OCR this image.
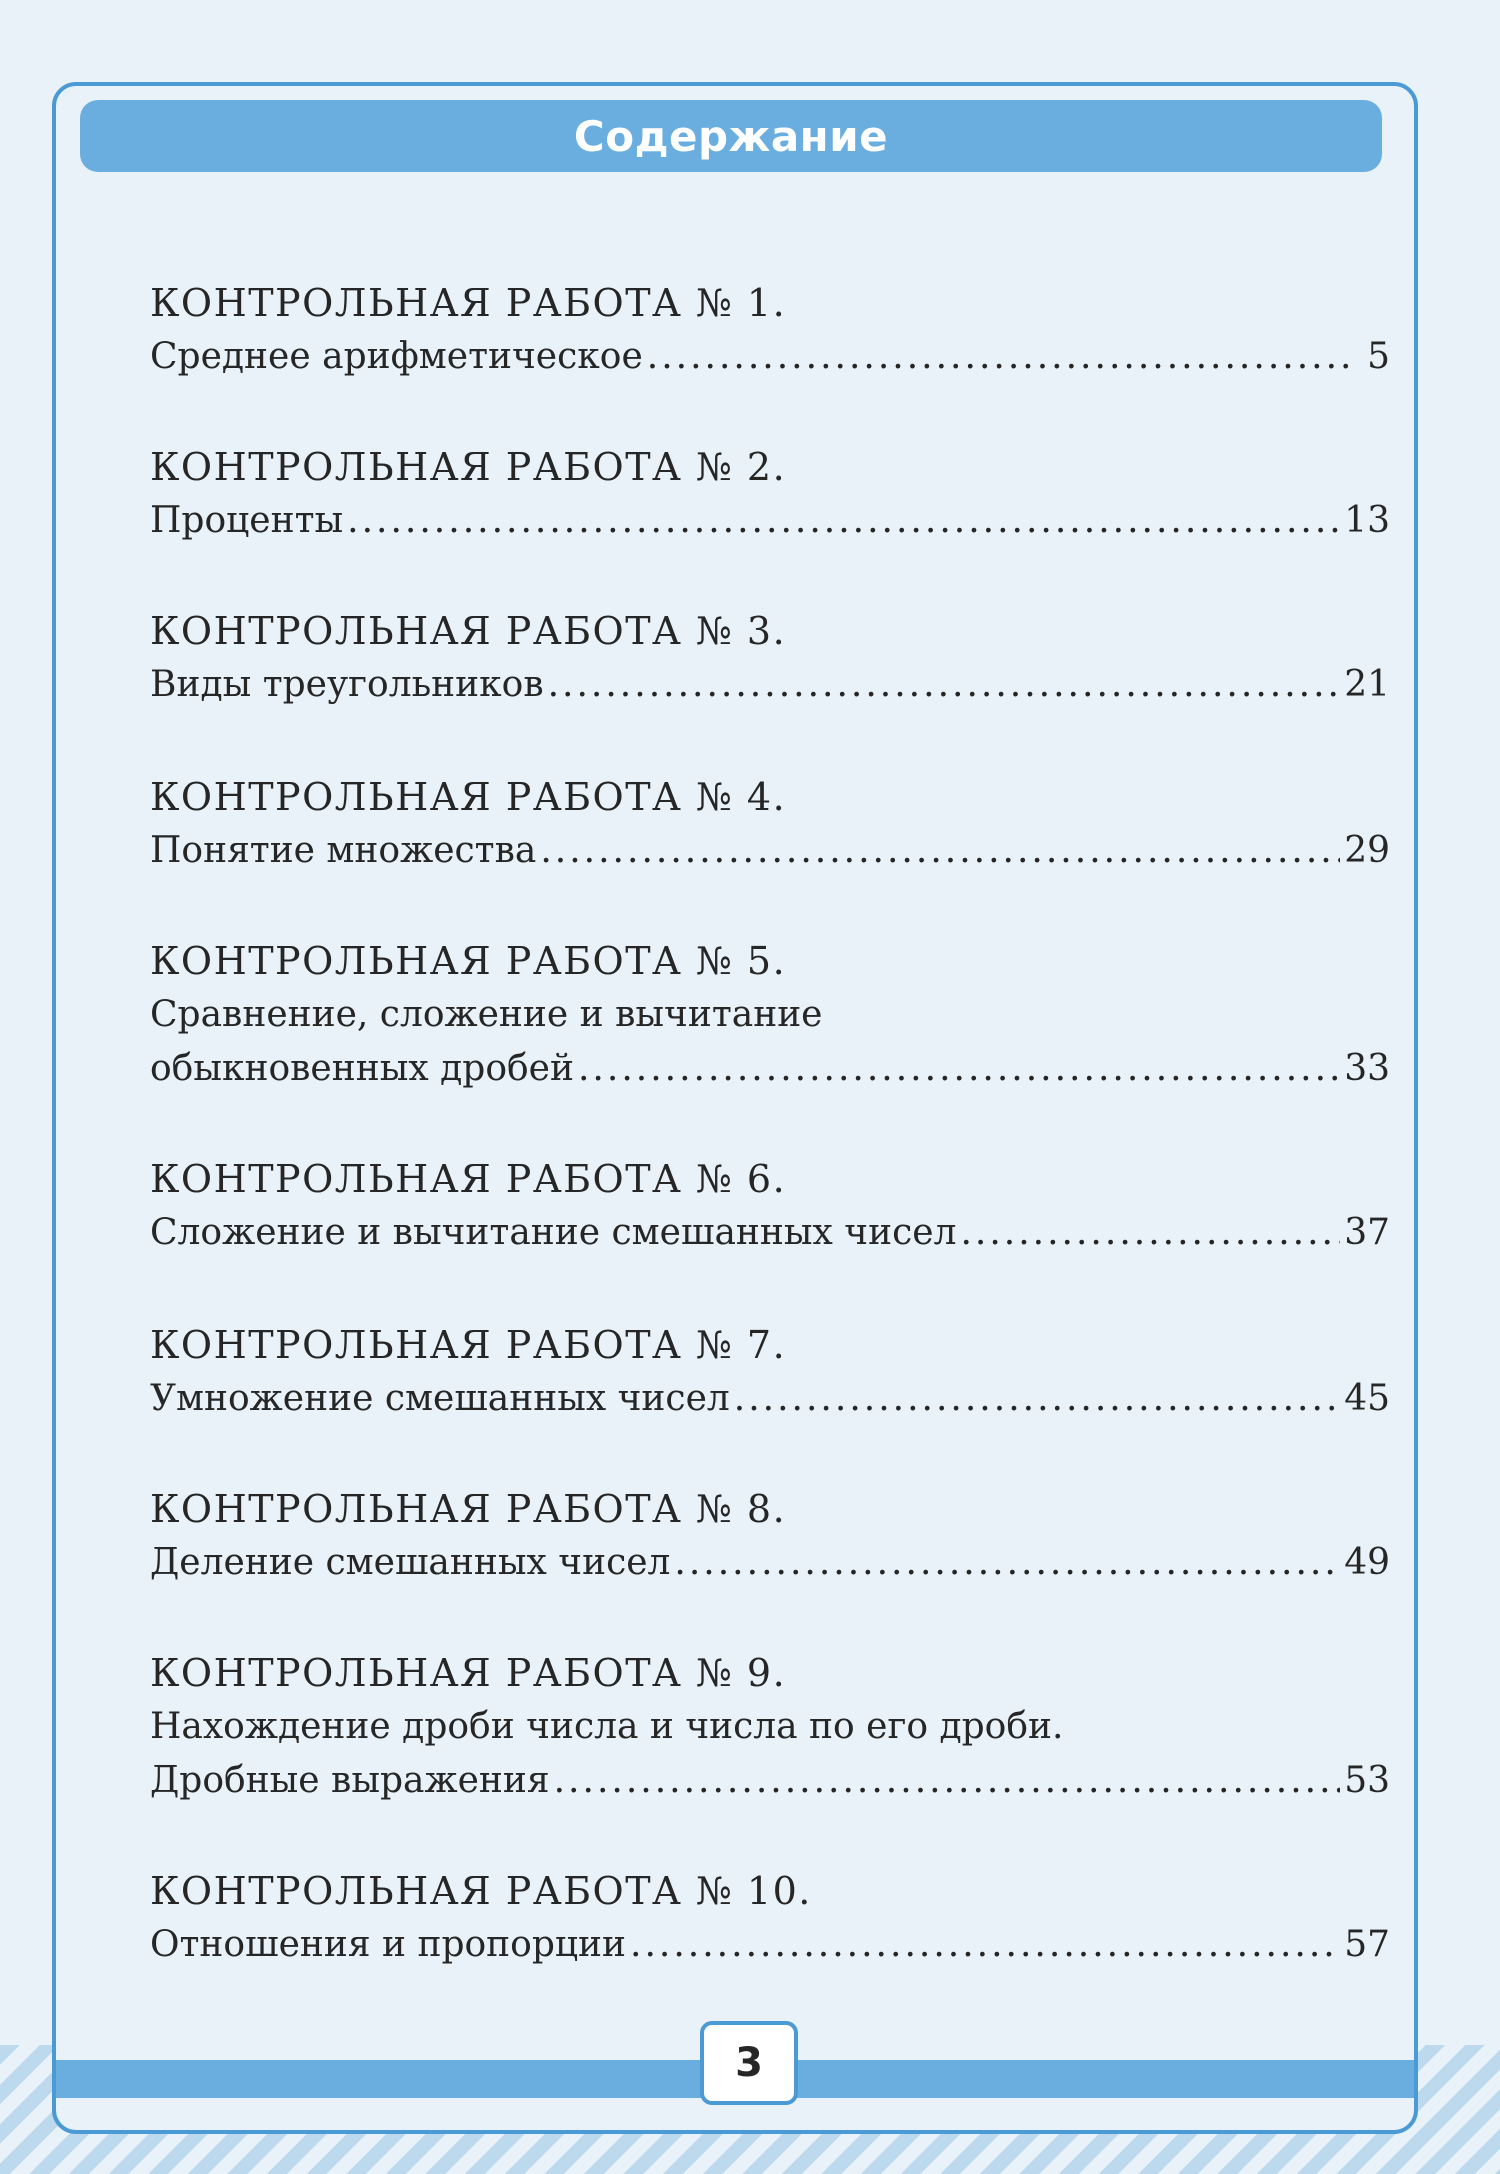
Содержание
КОНТРОЛЬНАЯ РАБОТА № 1.
Среднее арифметическое .....	5
КОНТРОЛЬНАЯ РАБОТА № 2.
Проценты .....	13
КОНТРОЛЬНАЯ РАБОТА № 3.
Виды треугольников .....	21
КОНТРОЛЬНАЯ РАБОТА № 4.
Понятие множества .....	29
КОНТРОЛЬНАЯ РАБОТА № 5.
Сравнение, сложение и вычитание
обыкновенных дробей .....	33
КОНТРОЛЬНАЯ РАБОТА № 6.
Сложение и вычитание смешанных чисел .....	37
КОНТРОЛЬНАЯ РАБОТА № 7.
Умножение смешанных чисел .....	45
КОНТРОЛЬНАЯ РАБОТА № 8.
Деление смешанных чисел .....	49
КОНТРОЛЬНАЯ РАБОТА № 9.
Нахождение дроби числа и числа по его дроби.
Дробные выражения .....	53
КОНТРОЛЬНАЯ РАБОТА № 10.
Отношения и пропорции .....	57
3
